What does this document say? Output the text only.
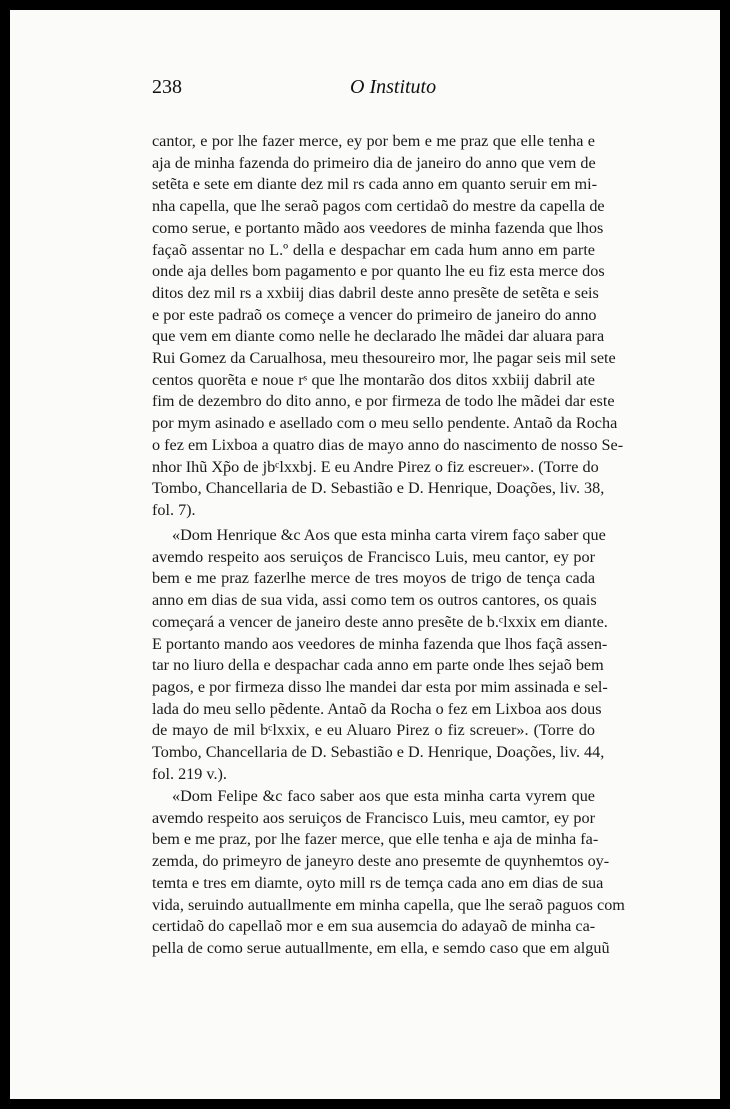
238	O Instituto
cantor, e por lhe fazer merce, ey por bem e me praz que elle tenha e
aja de minha fazenda do primeiro dia de janeiro do anno que vem de
setẽta e sete em diante dez mil rs cada anno em quanto seruir em mi-
nha capella, que lhe seraõ pagos com certidaõ do mestre da capella de
como serue, e portanto mãdo aos veedores de minha fazenda que lhos
façaõ assentar no L.º della e despachar em cada hum anno em parte
onde aja delles bom pagamento e por quanto lhe eu fiz esta merce dos
ditos dez mil rs a xxbiij dias dabril deste anno presẽte de setẽta e seis
e por este padraõ os começe a vencer do primeiro de janeiro do anno
que vem em diante como nelle he declarado lhe mãdei dar aluara para
Rui Gomez da Carualhosa, meu thesoureiro mor, lhe pagar seis mil sete
centos quorẽta e noue rˢ que lhe montarão dos ditos xxbiij dabril ate
fim de dezembro do dito anno, e por firmeza de todo lhe mãdei dar este
por mym asinado e asellado com o meu sello pendente. Antaõ da Rocha
o fez em Lixboa a quatro dias de mayo anno do nascimento de nosso Se-
nhor Ihũ Xp̃o de jbᶜlxxbj. E eu Andre Pirez o fiz escreuer». (Torre do
Tombo, Chancellaria de D. Sebastião e D. Henrique, Doações, liv. 38,
fol. 7).
«Dom Henrique &c Aos que esta minha carta virem faço saber que
avemdo respeito aos seruiços de Francisco Luis, meu cantor, ey por
bem e me praz fazerlhe merce de tres moyos de trigo de tença cada
anno em dias de sua vida, assi como tem os outros cantores, os quais
começará a vencer de janeiro deste anno presẽte de b.ᶜlxxix em diante.
E portanto mando aos veedores de minha fazenda que lhos façã assen-
tar no liuro della e despachar cada anno em parte onde lhes sejaõ bem
pagos, e por firmeza disso lhe mandei dar esta por mim assinada e sel-
lada do meu sello pẽdente. Antaõ da Rocha o fez em Lixboa aos dous
de mayo de mil bᶜlxxix, e eu Aluaro Pirez o fiz screuer». (Torre do
Tombo, Chancellaria de D. Sebastião e D. Henrique, Doações, liv. 44,
fol. 219 v.).
«Dom Felipe &c faco saber aos que esta minha carta vyrem que
avemdo respeito aos seruiços de Francisco Luis, meu camtor, ey por
bem e me praz, por lhe fazer merce, que elle tenha e aja de minha fa-
zemda, do primeyro de janeyro deste ano presemte de quynhemtos oy-
temta e tres em diamte, oyto mill rs de temça cada ano em dias de sua
vida, seruindo autuallmente em minha capella, que lhe seraõ paguos com
certidaõ do capellaõ mor e em sua ausemcia do adayaõ de minha ca-
pella de como serue autuallmente, em ella, e semdo caso que em alguũ
